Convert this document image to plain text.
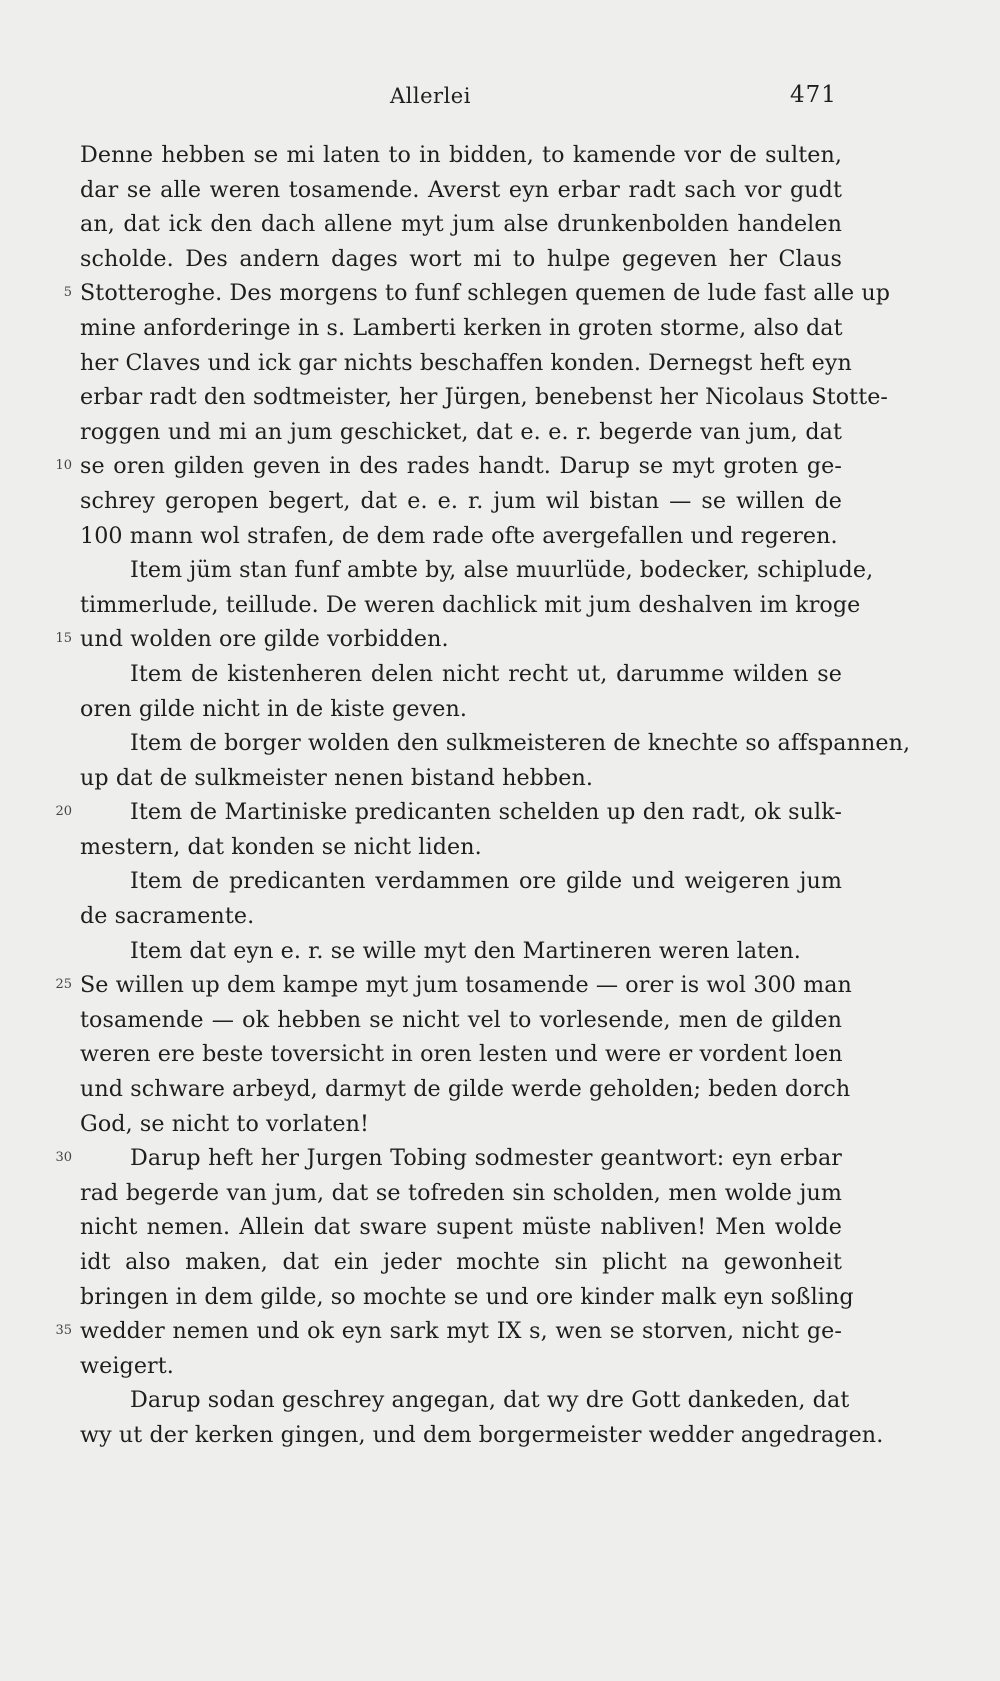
Allerlei	471
Denne hebben se mi laten to in bidden, to kamende vor de sulten,
dar se alle weren tosamende. Averst eyn erbar radt sach vor gudt
an, dat ick den dach allene myt jum alse drunkenbolden handelen
scholde. Des andern dages wort mi to hulpe gegeven her Claus
5 Stotteroghe. Des morgens to funf schlegen quemen de lude fast alle up
mine anforderinge in s. Lamberti kerken in groten storme, also dat
her Claves und ick gar nichts beschaffen konden. Dernegst heft eyn
erbar radt den sodtmeister, her Jürgen, benebenst her Nicolaus Stotte-
roggen und mi an jum geschicket, dat e. e. r. begerde van jum, dat
10 se oren gilden geven in des rades handt. Darup se myt groten ge-
schrey geropen begert, dat e. e. r. jum wil bistan — se willen de
100 mann wol strafen, de dem rade ofte avergefallen und regeren.
Item jüm stan funf ambte by, alse muurlüde, bodecker, schiplude,
timmerlude, teillude. De weren dachlick mit jum deshalven im kroge
15 und wolden ore gilde vorbidden.
Item de kistenheren delen nicht recht ut, darumme wilden se
oren gilde nicht in de kiste geven.
Item de borger wolden den sulkmeisteren de knechte so affspannen,
up dat de sulkmeister nenen bistand hebben.
20	Item de Martiniske predicanten schelden up den radt, ok sulk-
mestern, dat konden se nicht liden.
Item de predicanten verdammen ore gilde und weigeren jum
de sacramente.
Item dat eyn e. r. se wille myt den Martineren weren laten.
25 Se willen up dem kampe myt jum tosamende — orer is wol 300 man
tosamende — ok hebben se nicht vel to vorlesende, men de gilden
weren ere beste toversicht in oren lesten und were er vordent loen
und schware arbeyd, darmyt de gilde werde geholden; beden dorch
God, se nicht to vorlaten!
30	Darup heft her Jurgen Tobing sodmester geantwort: eyn erbar
rad begerde van jum, dat se tofreden sin scholden, men wolde jum
nicht nemen. Allein dat sware supent müste nabliven! Men wolde
idt also maken, dat ein jeder mochte sin plicht na gewonheit
bringen in dem gilde, so mochte se und ore kinder malk eyn soßling
35 wedder nemen und ok eyn sark myt IX s, wen se storven, nicht ge-
weigert.
Darup sodan geschrey angegan, dat wy dre Gott dankeden, dat
wy ut der kerken gingen, und dem borgermeister wedder angedragen.
